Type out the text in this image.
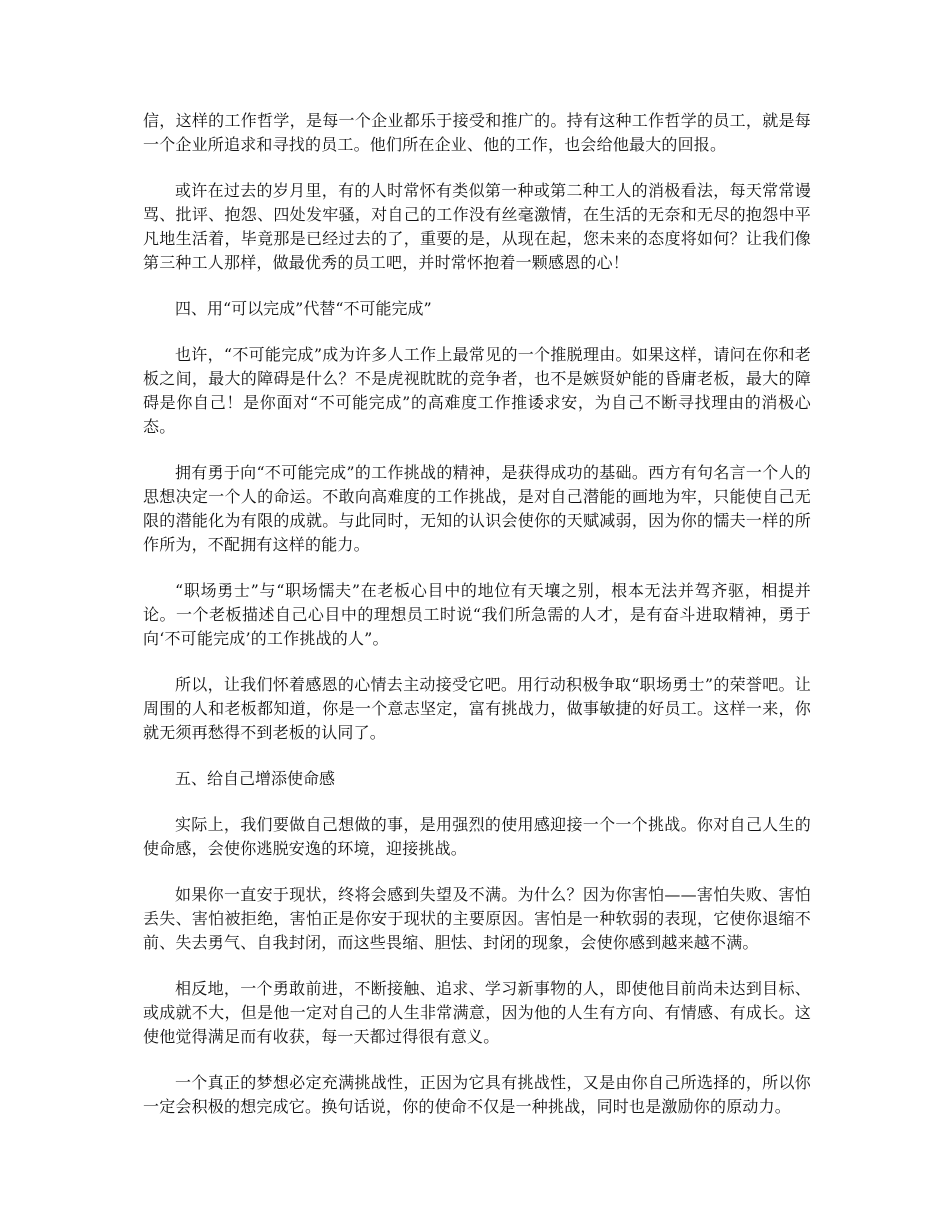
信，这样的工作哲学，是每一个企业都乐于接受和推广的。持有这种工作哲学的员工，就是每一个企业所追求和寻找的员工。他们所在企业、他的工作，也会给他最大的回报。

或许在过去的岁月里，有的人时常怀有类似第一种或第二种工人的消极看法，每天常常谩骂、批评、抱怨、四处发牢骚，对自己的工作没有丝毫激情，在生活的无奈和无尽的抱怨中平凡地生活着，毕竟那是已经过去的了，重要的是，从现在起，您未来的态度将如何？让我们像第三种工人那样，做最优秀的员工吧，并时常怀抱着一颗感恩的心！

四、用“可以完成”代替“不可能完成”

也许，“不可能完成”成为许多人工作上最常见的一个推脱理由。如果这样，请问在你和老板之间，最大的障碍是什么？不是虎视眈眈的竞争者，也不是嫉贤妒能的昏庸老板，最大的障碍是你自己！是你面对“不可能完成”的高难度工作推诿求安，为自己不断寻找理由的消极心态。

拥有勇于向“不可能完成”的工作挑战的精神，是获得成功的基础。西方有句名言一个人的思想决定一个人的命运。不敢向高难度的工作挑战，是对自己潜能的画地为牢，只能使自己无限的潜能化为有限的成就。与此同时，无知的认识会使你的天赋减弱，因为你的懦夫一样的所作所为，不配拥有这样的能力。

“职场勇士”与“职场懦夫”在老板心目中的地位有天壤之别，根本无法并驾齐驱，相提并论。一个老板描述自己心目中的理想员工时说“我们所急需的人才，是有奋斗进取精神，勇于向‘不可能完成’的工作挑战的人”。

所以，让我们怀着感恩的心情去主动接受它吧。用行动积极争取“职场勇士”的荣誉吧。让周围的人和老板都知道，你是一个意志坚定，富有挑战力，做事敏捷的好员工。这样一来，你就无须再愁得不到老板的认同了。

五、给自己增添使命感

实际上，我们要做自己想做的事，是用强烈的使用感迎接一个一个挑战。你对自己人生的使命感，会使你逃脱安逸的环境，迎接挑战。

如果你一直安于现状，终将会感到失望及不满。为什么？因为你害怕——害怕失败、害怕丢失、害怕被拒绝，害怕正是你安于现状的主要原因。害怕是一种软弱的表现，它使你退缩不前、失去勇气、自我封闭，而这些畏缩、胆怯、封闭的现象，会使你感到越来越不满。

相反地，一个勇敢前进，不断接触、追求、学习新事物的人，即使他目前尚未达到目标、或成就不大，但是他一定对自己的人生非常满意，因为他的人生有方向、有情感、有成长。这使他觉得满足而有收获，每一天都过得很有意义。

一个真正的梦想必定充满挑战性，正因为它具有挑战性，又是由你自己所选择的，所以你一定会积极的想完成它。换句话说，你的使命不仅是一种挑战，同时也是激励你的原动力。
